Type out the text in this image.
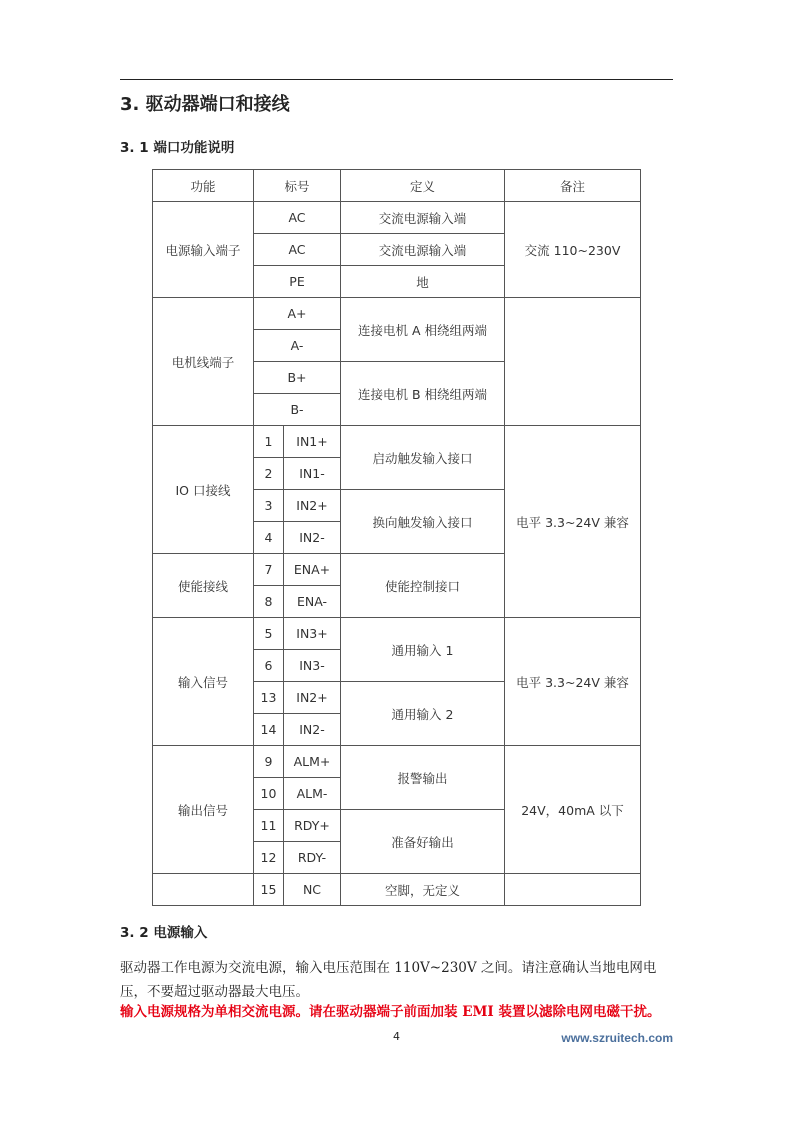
3. 驱动器端口和接线
3. 1 端口功能说明
功能	标号		定义	备注
电源输入端子	AC		交流电源输入端	交流 110~230V
	AC		交流电源输入端	
	PE		地	
电机线端子	A+		连接电机 A 相绕组两端	
	A-			
	B+		连接电机 B 相绕组两端	
	B-			
IO 口接线	1	IN1+	启动触发输入接口	电平 3.3~24V 兼容
	2	IN1-		
	3	IN2+	换向触发输入接口	
	4	IN2-		
使能接线	7	ENA+	使能控制接口	
	8	ENA-		
输入信号	5	IN3+	通用输入 1	电平 3.3~24V 兼容
	6	IN3-		
	13	IN2+	通用输入 2	
	14	IN2-		
输出信号	9	ALM+	报警输出	24V，40mA 以下
	10	ALM-		
	11	RDY+	准备好输出	
	12	RDY-		
	15	NC	空脚，无定义	
3. 2 电源输入
驱动器工作电源为交流电源，输入电压范围在 110V~230V 之间。请注意确认当地电网电压，不要超过驱动器最大电压。
输入电源规格为单相交流电源。请在驱动器端子前面加装 EMI 装置以滤除电网电磁干扰。
4	www.szruitech.com
